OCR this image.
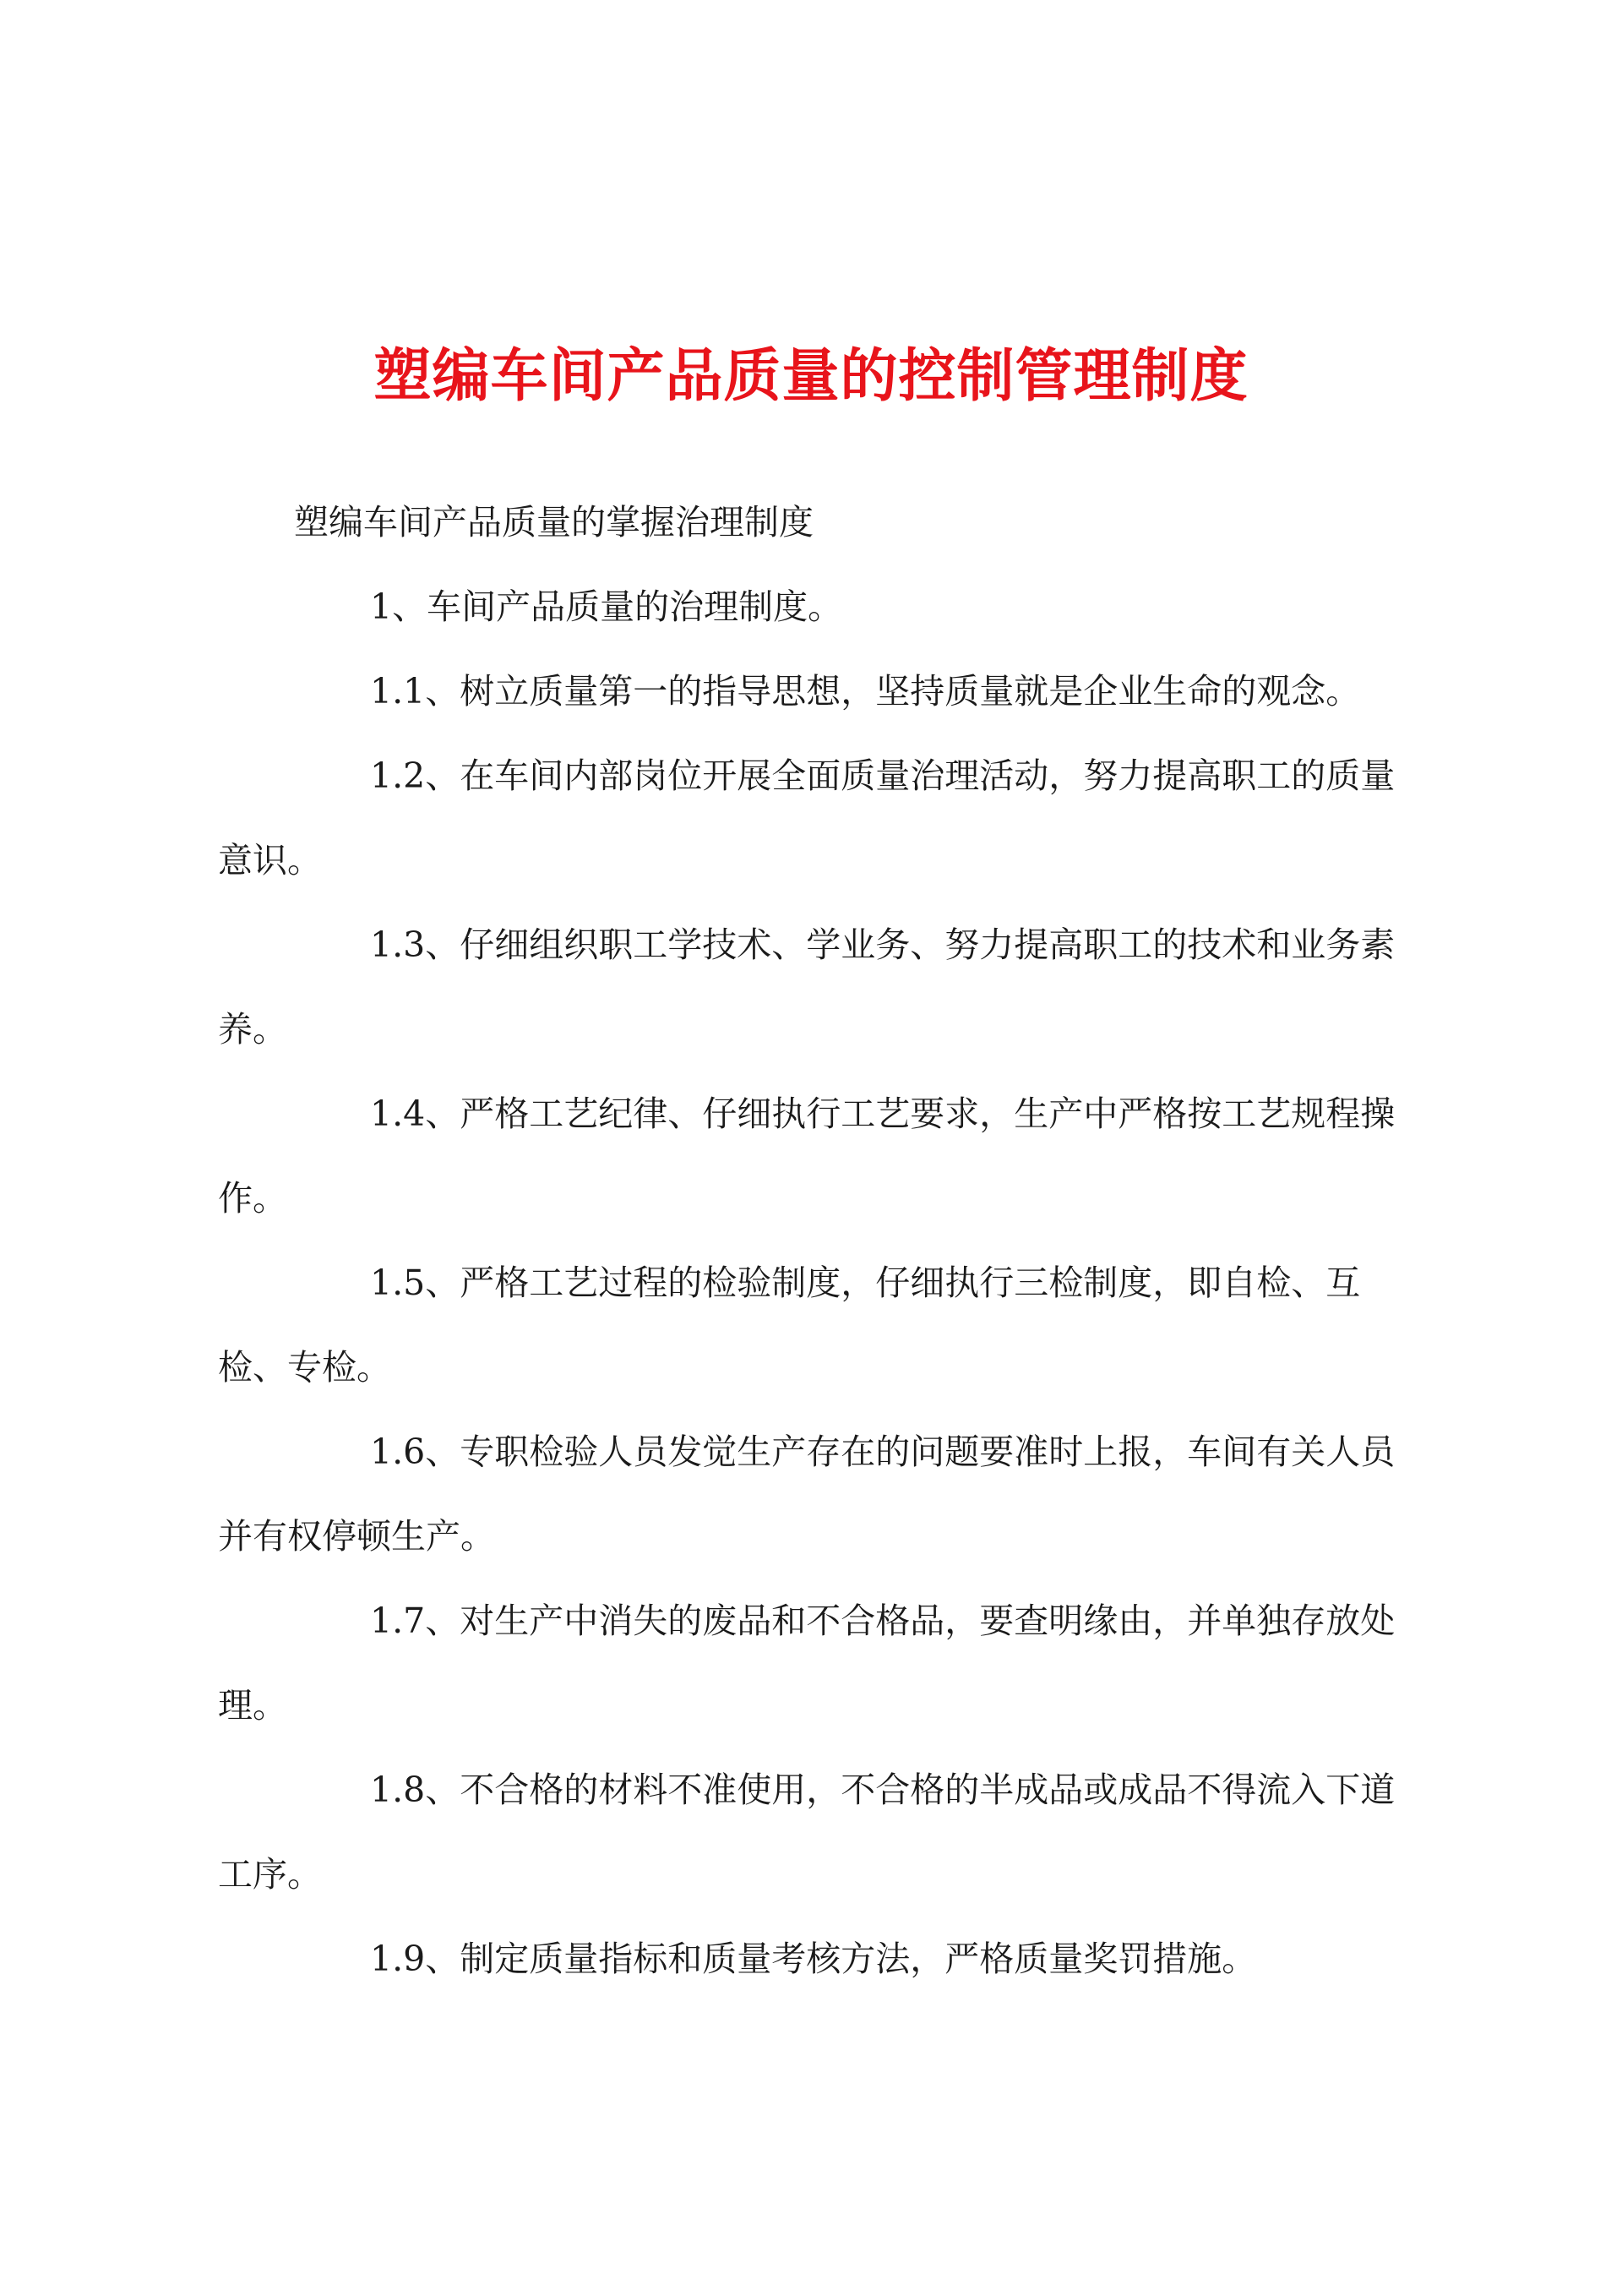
塑编车间产品质量的控制管理制度

塑编车间产品质量的掌握治理制度

1、车间产品质量的治理制度。

1.1、树立质量第一的指导思想，坚持质量就是企业生命的观念。

1.2、在车间内部岗位开展全面质量治理活动，努力提高职工的质量意识。

1.3、仔细组织职工学技术、学业务、努力提高职工的技术和业务素养。

1.4、严格工艺纪律、仔细执行工艺要求，生产中严格按工艺规程操作。

1.5、严格工艺过程的检验制度，仔细执行三检制度，即自检、互检、专检。

1.6、专职检验人员发觉生产存在的问题要准时上报，车间有关人员并有权停顿生产。

1.7、对生产中消失的废品和不合格品，要查明缘由，并单独存放处理。

1.8、不合格的材料不准使用，不合格的半成品或成品不得流入下道工序。

1.9、制定质量指标和质量考核方法，严格质量奖罚措施。
